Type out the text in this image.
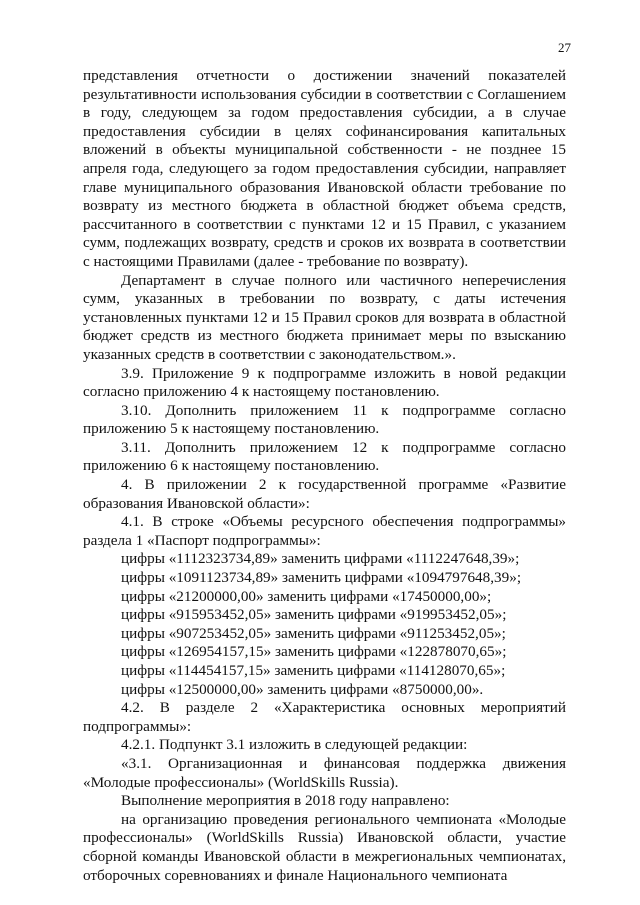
27

представления отчетности о достижении значений показателей результативности использования субсидии в соответствии с Соглашением в году, следующем за годом предоставления субсидии, а в случае предоставления субсидии в целях софинансирования капитальных вложений в объекты муниципальной собственности - не позднее 15 апреля года, следующего за годом предоставления субсидии, направляет главе муниципального образования Ивановской области требование по возврату из местного бюджета в областной бюджет объема средств, рассчитанного в соответствии с пунктами 12 и 15 Правил, с указанием сумм, подлежащих возврату, средств и сроков их возврата в соответствии с настоящими Правилами (далее - требование по возврату).

Департамент в случае полного или частичного неперечисления сумм, указанных в требовании по возврату, с даты истечения установленных пунктами 12 и 15 Правил сроков для возврата в областной бюджет средств из местного бюджета принимает меры по взысканию указанных средств в соответствии с законодательством.».

3.9. Приложение 9 к подпрограмме изложить в новой редакции согласно приложению 4 к настоящему постановлению.

3.10. Дополнить приложением 11 к подпрограмме согласно приложению 5 к настоящему постановлению.

3.11. Дополнить приложением 12 к подпрограмме согласно приложению 6 к настоящему постановлению.

4. В приложении 2 к государственной программе «Развитие образования Ивановской области»:

4.1. В строке «Объемы ресурсного обеспечения подпрограммы» раздела 1 «Паспорт подпрограммы»:

цифры «1112323734,89» заменить цифрами «1112247648,39»;

цифры «1091123734,89» заменить цифрами «1094797648,39»;

цифры «21200000,00» заменить цифрами «17450000,00»;

цифры «915953452,05» заменить цифрами «919953452,05»;

цифры «907253452,05» заменить цифрами «911253452,05»;

цифры «126954157,15» заменить цифрами «122878070,65»;

цифры «114454157,15» заменить цифрами «114128070,65»;

цифры «12500000,00» заменить цифрами «8750000,00».

4.2. В разделе 2 «Характеристика основных мероприятий подпрограммы»:

4.2.1. Подпункт 3.1 изложить в следующей редакции:

«3.1. Организационная и финансовая поддержка движения «Молодые профессионалы» (WorldSkills Russia).

Выполнение мероприятия в 2018 году направлено:

на организацию проведения регионального чемпионата «Молодые профессионалы» (WorldSkills Russia) Ивановской области, участие сборной команды Ивановской области в межрегиональных чемпионатах, отборочных соревнованиях и финале Национального чемпионата
